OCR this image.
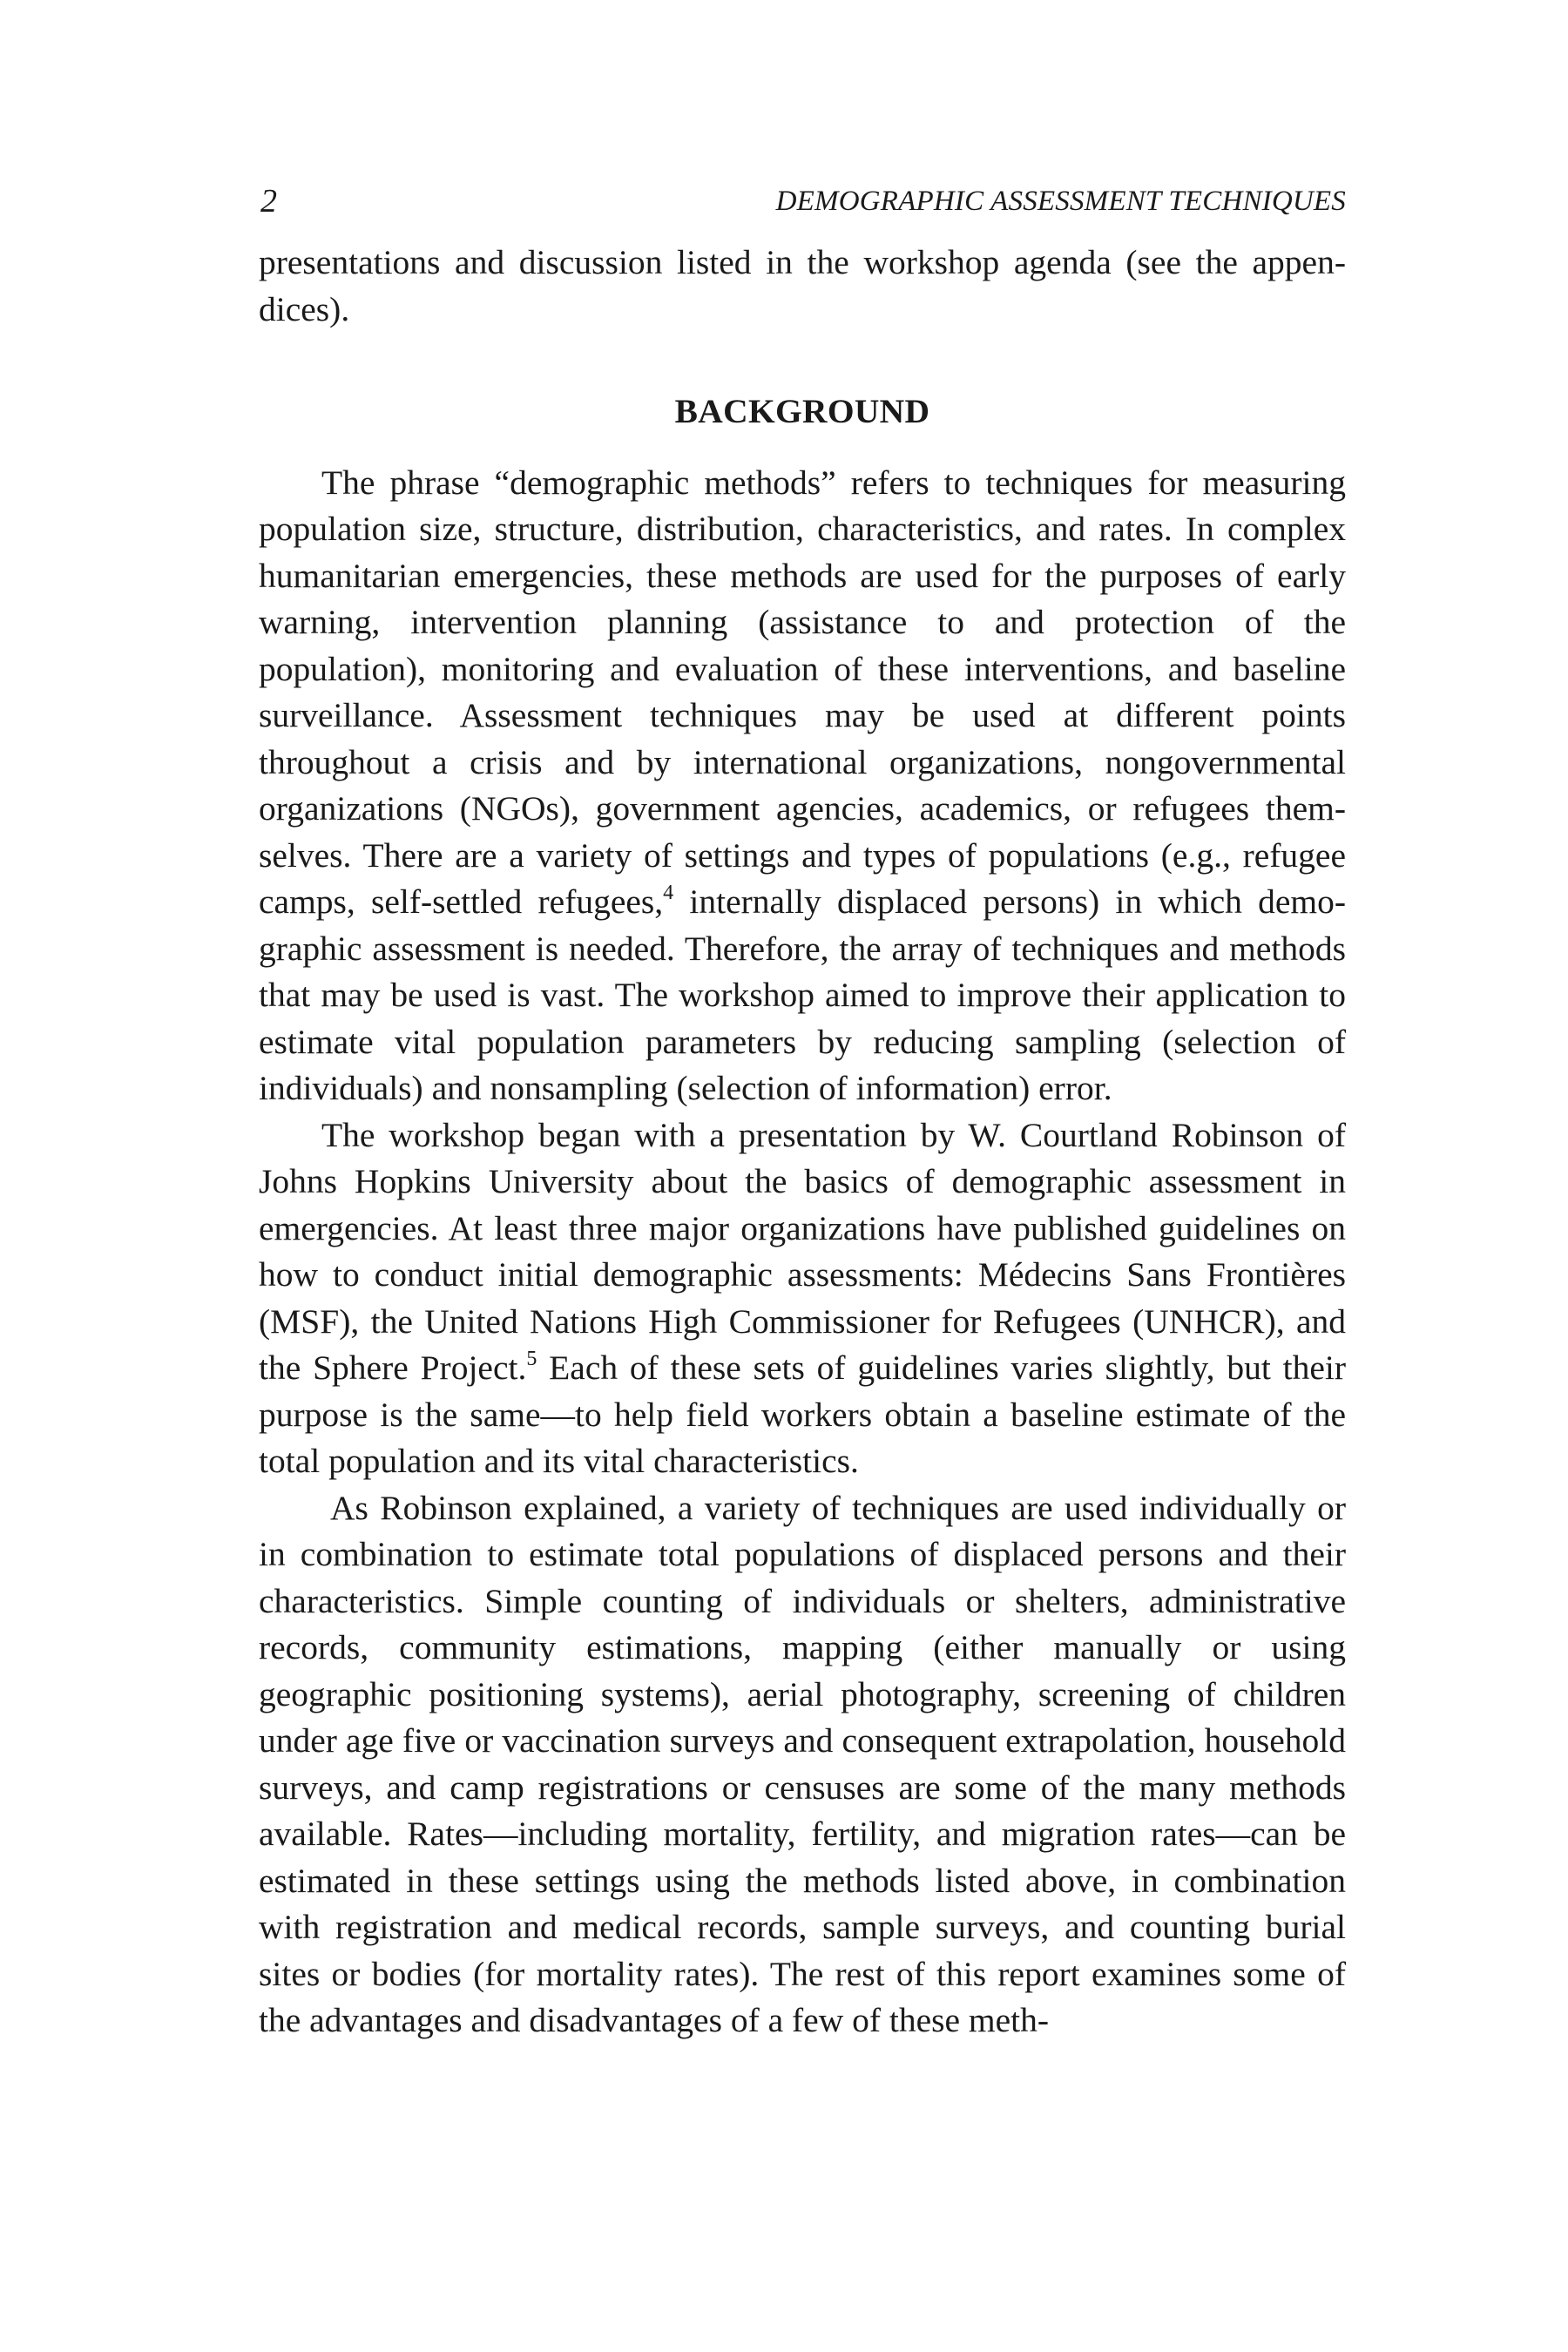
2	DEMOGRAPHIC ASSESSMENT TECHNIQUES

presentations and discussion listed in the workshop agenda (see the appendices).

BACKGROUND

The phrase “demographic methods” refers to techniques for measuring population size, structure, distribution, characteristics, and rates. In complex humanitarian emergencies, these methods are used for the purposes of early warning, intervention planning (assistance to and protection of the population), monitoring and evaluation of these interventions, and baseline surveillance. Assessment techniques may be used at different points throughout a crisis and by international organizations, nongovernmental organizations (NGOs), government agencies, academics, or refugees themselves. There are a variety of settings and types of populations (e.g., refugee camps, self-settled refugees,$^4$ internally displaced persons) in which demographic assessment is needed. Therefore, the array of techniques and methods that may be used is vast. The workshop aimed to improve their application to estimate vital population parameters by reducing sampling (selection of individuals) and nonsampling (selection of information) error.

The workshop began with a presentation by W. Courtland Robinson of Johns Hopkins University about the basics of demographic assessment in emergencies. At least three major organizations have published guidelines on how to conduct initial demographic assessments: Médecins Sans Frontières (MSF), the United Nations High Commissioner for Refugees (UNHCR), and the Sphere Project.$^5$ Each of these sets of guidelines varies slightly, but their purpose is the same—to help field workers obtain a baseline estimate of the total population and its vital characteristics.

As Robinson explained, a variety of techniques are used individually or in combination to estimate total populations of displaced persons and their characteristics. Simple counting of individuals or shelters, administrative records, community estimations, mapping (either manually or using geographic positioning systems), aerial photography, screening of children under age five or vaccination surveys and consequent extrapolation, household surveys, and camp registrations or censuses are some of the many methods available. Rates—including mortality, fertility, and migration rates—can be estimated in these settings using the methods listed above, in combination with registration and medical records, sample surveys, and counting burial sites or bodies (for mortality rates). The rest of this report examines some of the advantages and disadvantages of a few of these meth-
